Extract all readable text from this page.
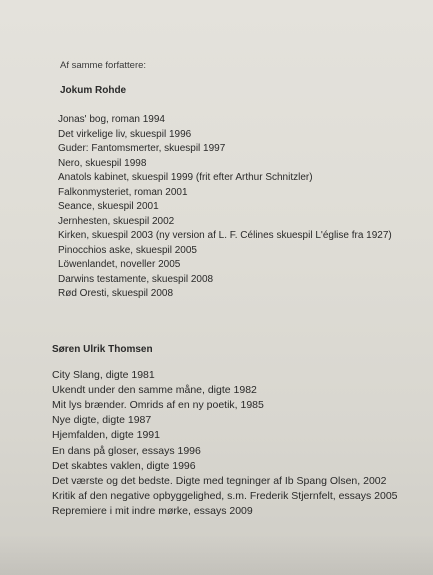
Af samme forfattere:

Jokum Rohde
Jonas' bog, roman 1994
Det virkelige liv, skuespil 1996
Guder: Fantomsmerter, skuespil 1997
Nero, skuespil 1998
Anatols kabinet, skuespil 1999 (frit efter Arthur Schnitzler)
Falkonmysteriet, roman 2001
Seance, skuespil 2001
Jernhesten, skuespil 2002
Kirken, skuespil 2003 (ny version af L. F. Célines skuespil L'église fra 1927)
Pinocchios aske, skuespil 2005
Löwenlandet, noveller 2005
Darwins testamente, skuespil 2008
Rød Oresti, skuespil 2008
Søren Ulrik Thomsen
City Slang, digte 1981
Ukendt under den samme måne, digte 1982
Mit lys brænder. Omrids af en ny poetik, 1985
Nye digte, digte 1987
Hjemfalden, digte 1991
En dans på gloser, essays 1996
Det skabtes vaklen, digte 1996
Det værste og det bedste. Digte med tegninger af Ib Spang Olsen, 2002
Kritik af den negative opbyggelighed, s.m. Frederik Stjernfelt, essays 2005
Repremiere i mit indre mørke, essays 2009
